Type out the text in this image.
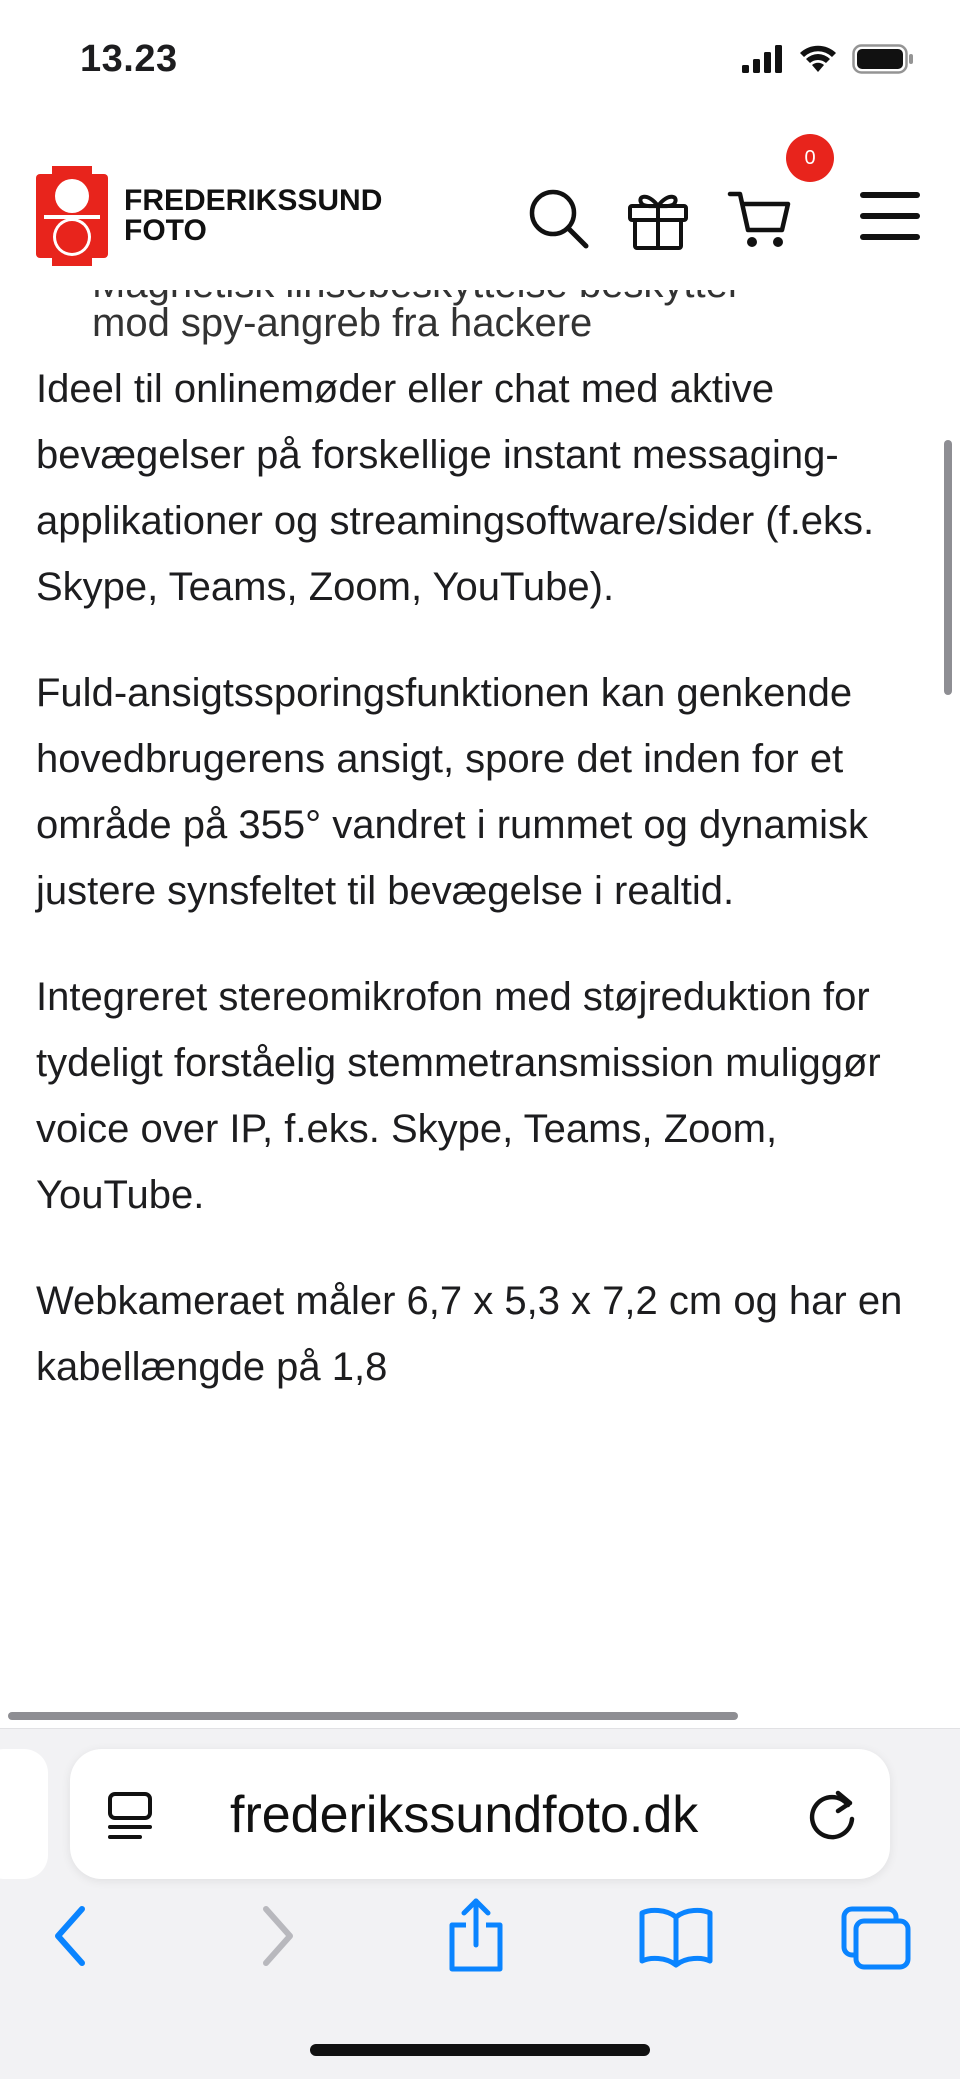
13.23
FREDERIKSSUND
FOTO
0

mod spy-angreb fra hackere

Ideel til onlinemøder eller chat med aktive bevægelser på forskellige instant messaging-applikationer og streamingsoftware/sider (f.eks. Skype, Teams, Zoom, YouTube).

Fuld-ansigtssporingsfunktionen kan genkende hovedbrugerens ansigt, spore det inden for et område på 355° vandret i rummet og dynamisk justere synsfeltet til bevægelse i realtid.

Integreret stereomikrofon med støjreduktion for tydeligt forståelig stemmetransmission muliggør voice over IP, f.eks. Skype, Teams, Zoom, YouTube.

Webkameraet måler 6,7 x 5,3 x 7,2 cm og har en kabellængde på 1,8

frederikssundfoto.dk
